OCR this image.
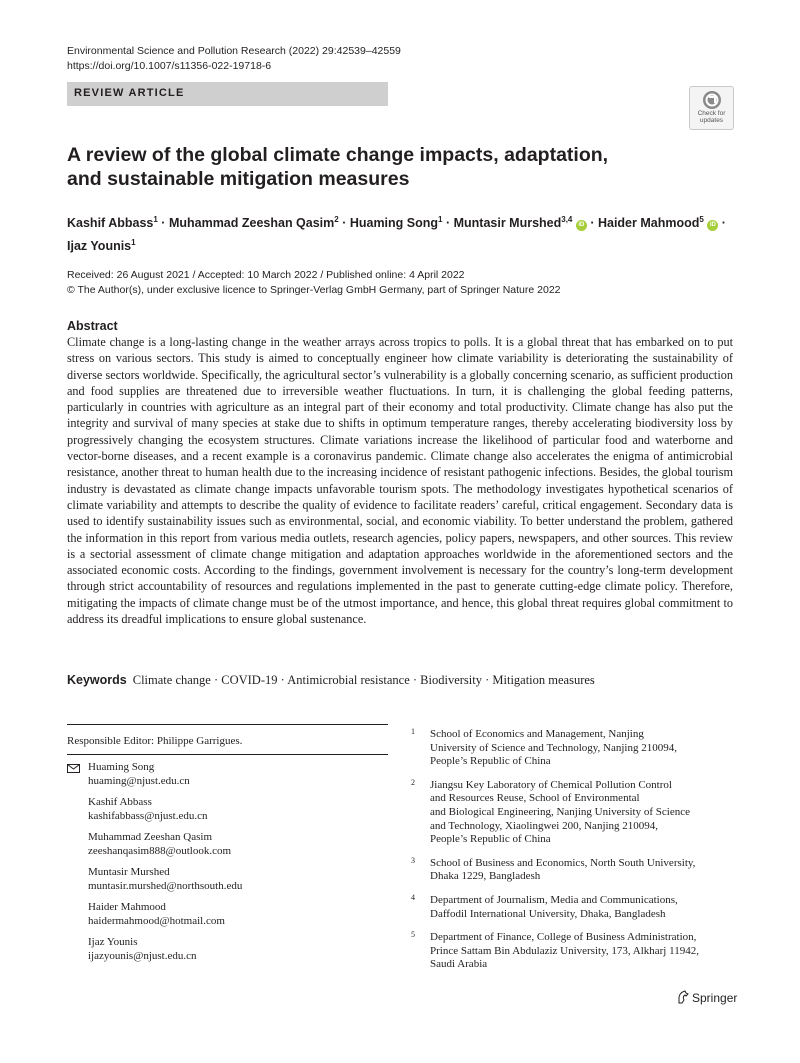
Environmental Science and Pollution Research (2022) 29:42539–42559
https://doi.org/10.1007/s11356-022-19718-6
REVIEW ARTICLE
Check for
updates
A review of the global climate change impacts, adaptation,
and sustainable mitigation measures
Kashif Abbass$^1$ · Muhammad Zeeshan Qasim$^2$ · Huaming Song$^1$ · Muntasir Murshed$^{3,4}$ iD · Haider Mahmood$^5$ iD ·
Ijaz Younis$^1$
Received: 26 August 2021 / Accepted: 10 March 2022 / Published online: 4 April 2022
© The Author(s), under exclusive licence to Springer-Verlag GmbH Germany, part of Springer Nature 2022
Abstract

Climate change is a long-lasting change in the weather arrays across tropics to polls. It is a global threat that has embarked on to put stress on various sectors. This study is aimed to conceptually engineer how climate variability is deteriorating the sustainability of diverse sectors worldwide. Specifically, the agricultural sector’s vulnerability is a globally concerning scenario, as sufficient production and food supplies are threatened due to irreversible weather fluctuations. In turn, it is challenging the global feeding patterns, particularly in countries with agriculture as an integral part of their economy and total productivity. Climate change has also put the integrity and survival of many species at stake due to shifts in optimum temperature ranges, thereby accelerating biodiversity loss by progressively changing the ecosystem structures. Climate variations increase the likelihood of particular food and waterborne and vector-borne diseases, and a recent example is a coronavirus pandemic. Climate change also accelerates the enigma of antimicrobial resistance, another threat to human health due to the increasing incidence of resistant pathogenic infections. Besides, the global tourism industry is devastated as climate change impacts unfavorable tourism spots. The methodology investigates hypothetical scenarios of climate variability and attempts to describe the quality of evidence to facilitate readers’ careful, critical engagement. Secondary data is used to identify sustainability issues such as environmental, social, and economic viability. To better understand the problem, gathered the information in this report from various media outlets, research agencies, policy papers, newspapers, and other sources. This review is a sectorial assessment of climate change mitigation and adaptation approaches worldwide in the aforementioned sectors and the associated economic costs. According to the findings, government involvement is necessary for the country’s long-term development through strict accountability of resources and regulations implemented in the past to generate cutting-edge climate policy. Therefore, mitigating the impacts of climate change must be of the utmost importance, and hence, this global threat requires global commitment to address its dreadful implications to ensure global sustenance.

Keywords Climate change · COVID-19 · Antimicrobial resistance · Biodiversity · Mitigation measures
Responsible Editor: Philippe Garrigues.
Huaming Song
huaming@njust.edu.cn
Kashif Abbass
kashifabbass@njust.edu.cn
Muhammad Zeeshan Qasim
zeeshanqasim888@outlook.com
Muntasir Murshed
muntasir.murshed@northsouth.edu
Haider Mahmood
haidermahmood@hotmail.com
Ijaz Younis
ijazyounis@njust.edu.cn
1 School of Economics and Management, Nanjing
University of Science and Technology, Nanjing 210094,
People’s Republic of China
2 Jiangsu Key Laboratory of Chemical Pollution Control
and Resources Reuse, School of Environmental
and Biological Engineering, Nanjing University of Science
and Technology, Xiaolingwei 200, Nanjing 210094,
People’s Republic of China
3 School of Business and Economics, North South University,
Dhaka 1229, Bangladesh
4 Department of Journalism, Media and Communications,
Daffodil International University, Dhaka, Bangladesh
5 Department of Finance, College of Business Administration,
Prince Sattam Bin Abdulaziz University, 173, Alkharj 11942,
Saudi Arabia
Springer
